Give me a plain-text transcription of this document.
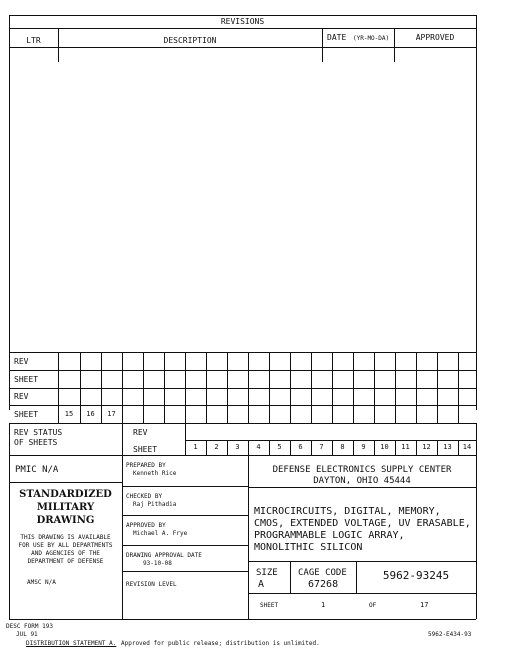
REVISIONS
LTR	DESCRIPTION	DATE (YR-MO-DA)	APPROVED
REV
SHEET
REV
SHEET	15	16	17
REV STATUS
OF SHEETS
REV
SHEET	1	2	3	4	5	6	7	8	9	10	11	12	13	14
PMIC N/A
STANDARDIZED
MILITARY
DRAWING
THIS DRAWING IS AVAILABLE
FOR USE BY ALL DEPARTMENTS
AND AGENCIES OF THE
DEPARTMENT OF DEFENSE
AMSC N/A
PREPARED BY
Kenneth Rice
CHECKED BY
Raj Pithadia
APPROVED BY
Michael A. Frye
DRAWING APPROVAL DATE
93-10-08
REVISION LEVEL
DEFENSE ELECTRONICS SUPPLY CENTER
DAYTON, OHIO 45444
MICROCIRCUITS, DIGITAL, MEMORY,
CMOS, EXTENDED VOLTAGE, UV ERASABLE,
PROGRAMMABLE LOGIC ARRAY,
MONOLITHIC SILICON
SIZE
A
CAGE CODE
67268
5962-93245
SHEET	1	OF	17
DESC FORM 193
JUL 91
DISTRIBUTION STATEMENT A. Approved for public release; distribution is unlimited.
5962-E434-93
